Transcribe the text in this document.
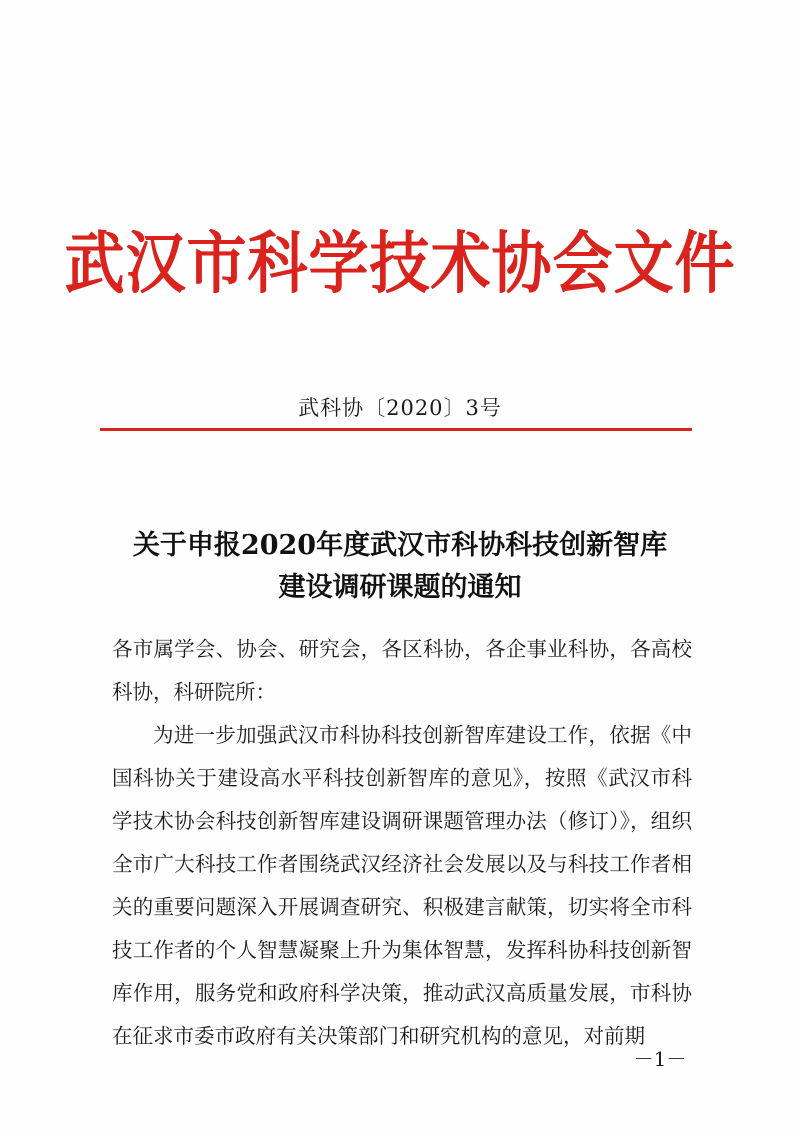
武汉市科学技术协会文件
武科协〔2020〕3号
关于申报2020年度武汉市科协科技创新智库
建设调研课题的通知

各市属学会、协会、研究会，各区科协，各企事业科协，各高校科协，科研院所：

为进一步加强武汉市科协科技创新智库建设工作，依据《中国科协关于建设高水平科技创新智库的意见》，按照《武汉市科学技术协会科技创新智库建设调研课题管理办法（修订）》，组织全市广大科技工作者围绕武汉经济社会发展以及与科技工作者相关的重要问题深入开展调查研究、积极建言献策，切实将全市科技工作者的个人智慧凝聚上升为集体智慧，发挥科协科技创新智库作用，服务党和政府科学决策，推动武汉高质量发展，市科协在征求市委市政府有关决策部门和研究机构的意见，对前期

－1－
